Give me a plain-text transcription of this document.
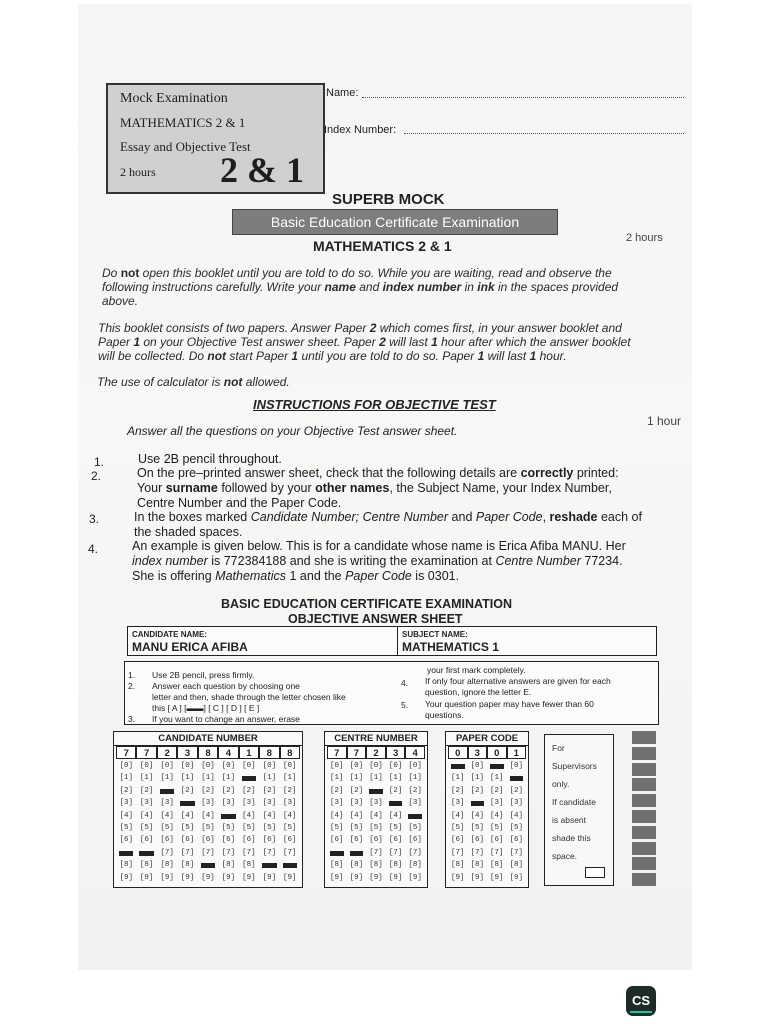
Mock Examination
MATHEMATICS 2 & 1
Essay and Objective Test
2 hours 2 & 1
Name:
Index Number:
SUPERB MOCK
Basic Education Certificate Examination
MATHEMATICS 2 & 1	2 hours
Do not open this booklet until you are told to do so. While you are waiting, read and observe the
following instructions carefully. Write your name and index number in ink in the spaces provided
above.
This booklet consists of two papers. Answer Paper 2 which comes first, in your answer booklet and
Paper 1 on your Objective Test answer sheet. Paper 2 will last 1 hour after which the answer booklet
will be collected. Do not start Paper 1 until you are told to do so. Paper 1 will last 1 hour.
The use of calculator is not allowed.
INSTRUCTIONS FOR OBJECTIVE TEST
1 hour
Answer all the questions on your Objective Test answer sheet.
1.
2.
3.
4.
Use 2B pencil throughout.
On the pre–printed answer sheet, check that the following details are correctly printed:
Your surname followed by your other names, the Subject Name, your Index Number,
Centre Number and the Paper Code.
In the boxes marked Candidate Number; Centre Number and Paper Code, reshade each of
the shaded spaces.
An example is given below. This is for a candidate whose name is Erica Afiba MANU. Her
index number is 772384188 and she is writing the examination at Centre Number 77234.
She is offering Mathematics 1 and the Paper Code is 0301.
BASIC EDUCATION CERTIFICATE EXAMINATION
OBJECTIVE ANSWER SHEET
CANDIDATE NAME:
MANU ERICA AFIBA
SUBJECT NAME:
MATHEMATICS 1
1. Use 2B pencil, press firmly.
2. Answer each question by choosing one
letter and then, shade through the letter chosen like
this [ A ] [▬▬] [ C ] [ D ] [ E ]
3. If you want to change an answer, erase
your first mark completely.
4. If only four alternative answers are given for each
question, ignore the letter E.
5. Your question paper may have fewer than 60
questions.
CANDIDATE NUMBER
7
[0]
[1]
[2]
[3]
[4]
[5]
[6]
[8]
[9]
7
[0]
[1]
[2]
[3]
[4]
[5]
[6]
[8]
[9]
2
[0]
[1]
[3]
[4]
[5]
[6]
[7]
[8]
[9]
3
[0]
[1]
[2]
[4]
[5]
[6]
[7]
[8]
[9]
8
[0]
[1]
[2]
[3]
[4]
[5]
[6]
[7]
[9]
4
[0]
[1]
[2]
[3]
[5]
[6]
[7]
[8]
[9]
1
[0]
[2]
[3]
[4]
[5]
[6]
[7]
[8]
[9]
8
[0]
[1]
[2]
[3]
[4]
[5]
[6]
[7]
[9]
8
[0]
[1]
[2]
[3]
[4]
[5]
[6]
[7]
[9]
CENTRE NUMBER
7
[0]
[1]
[2]
[3]
[4]
[5]
[6]
[8]
[9]
7
[0]
[1]
[2]
[3]
[4]
[5]
[6]
[8]
[9]
2
[0]
[1]
[3]
[4]
[5]
[6]
[7]
[8]
[9]
3
[0]
[1]
[2]
[4]
[5]
[6]
[7]
[8]
[9]
4
[0]
[1]
[2]
[3]
[5]
[6]
[7]
[8]
[9]
PAPER CODE
0
[1]
[2]
[3]
[4]
[5]
[6]
[7]
[8]
[9]
3
[0]
[1]
[2]
[4]
[5]
[6]
[7]
[8]
[9]
0
[1]
[2]
[3]
[4]
[5]
[6]
[7]
[8]
[9]
1
[0]
[2]
[3]
[4]
[5]
[6]
[7]
[8]
[9]
For
Supervisors
only.
If candidate
is absent
shade this
space.
CS
